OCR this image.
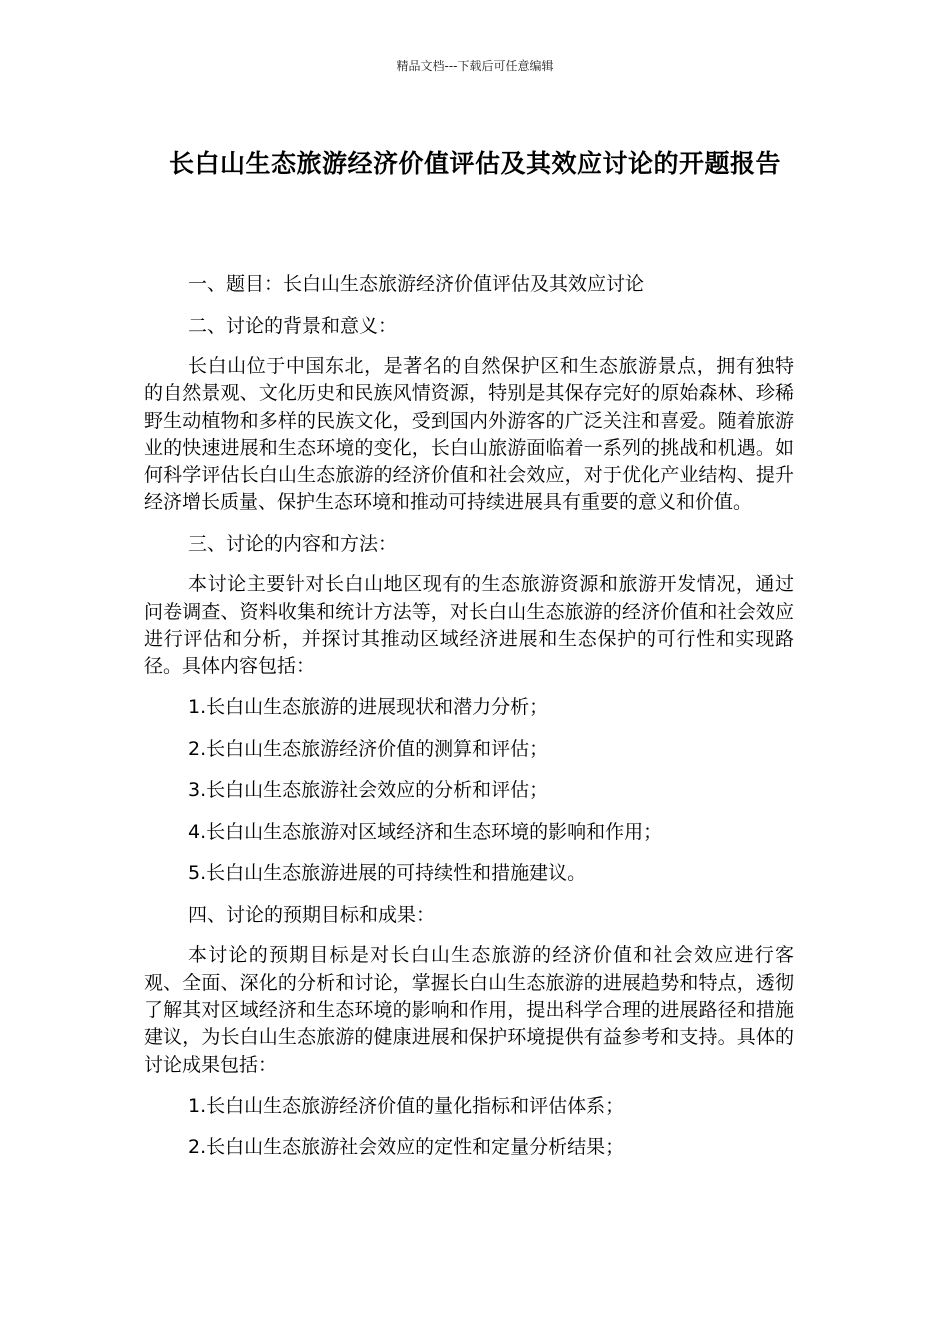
精品文档---下载后可任意编辑
长白山生态旅游经济价值评估及其效应讨论的开题报告

一、题目：长白山生态旅游经济价值评估及其效应讨论

二、讨论的背景和意义：

长白山位于中国东北，是著名的自然保护区和生态旅游景点，拥有独特的自然景观、文化历史和民族风情资源，特别是其保存完好的原始森林、珍稀野生动植物和多样的民族文化，受到国内外游客的广泛关注和喜爱。随着旅游业的快速进展和生态环境的变化，长白山旅游面临着一系列的挑战和机遇。如何科学评估长白山生态旅游的经济价值和社会效应，对于优化产业结构、提升经济增长质量、保护生态环境和推动可持续进展具有重要的意义和价值。

三、讨论的内容和方法：

本讨论主要针对长白山地区现有的生态旅游资源和旅游开发情况，通过问卷调查、资料收集和统计方法等，对长白山生态旅游的经济价值和社会效应进行评估和分析，并探讨其推动区域经济进展和生态保护的可行性和实现路径。具体内容包括：

1.长白山生态旅游的进展现状和潜力分析；

2.长白山生态旅游经济价值的测算和评估；

3.长白山生态旅游社会效应的分析和评估；

4.长白山生态旅游对区域经济和生态环境的影响和作用；

5.长白山生态旅游进展的可持续性和措施建议。

四、讨论的预期目标和成果：

本讨论的预期目标是对长白山生态旅游的经济价值和社会效应进行客观、全面、深化的分析和讨论，掌握长白山生态旅游的进展趋势和特点，透彻了解其对区域经济和生态环境的影响和作用，提出科学合理的进展路径和措施建议，为长白山生态旅游的健康进展和保护环境提供有益参考和支持。具体的讨论成果包括：

1.长白山生态旅游经济价值的量化指标和评估体系；

2.长白山生态旅游社会效应的定性和定量分析结果；
